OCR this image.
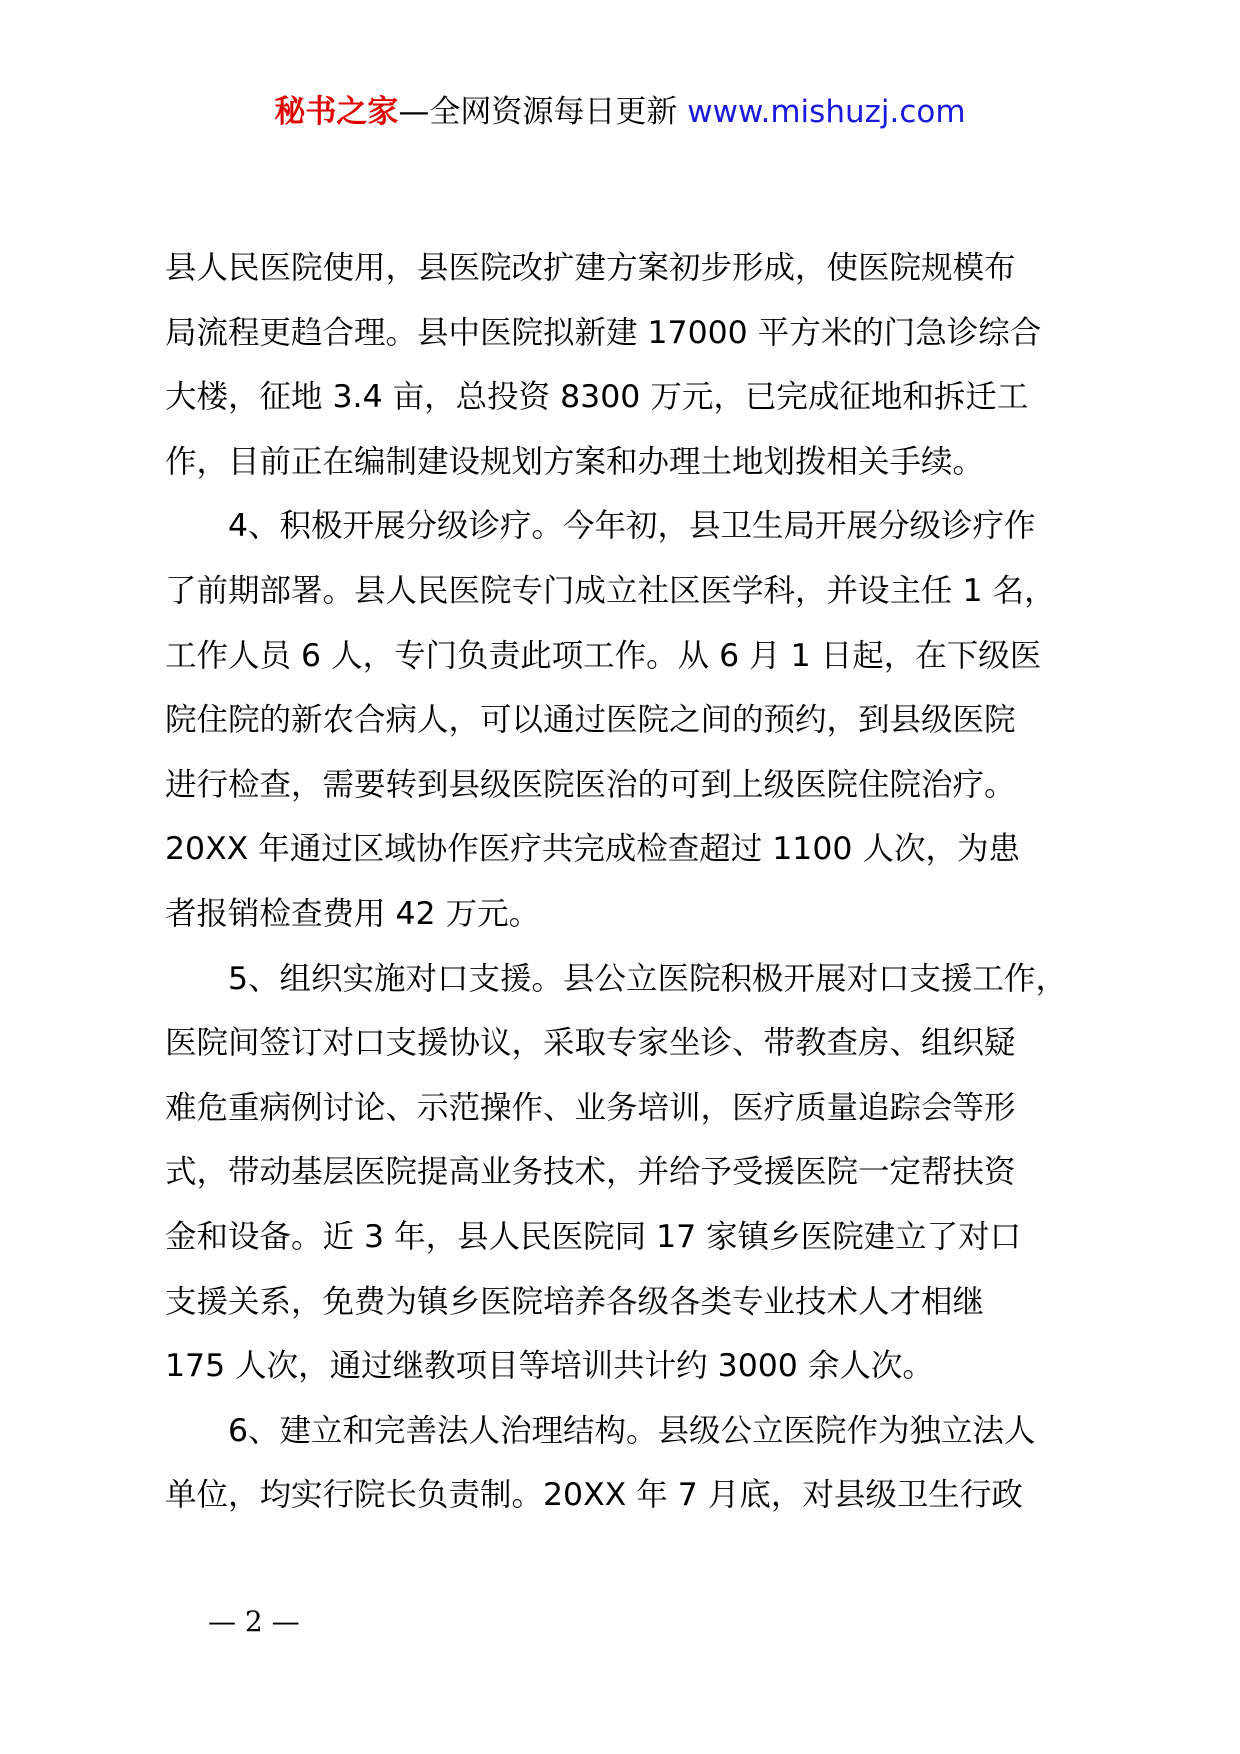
秘书之家—全网资源每日更新 www.mishuzj.com
县人民医院使用，县医院改扩建方案初步形成，使医院规模布
局流程更趋合理。县中医院拟新建 17000 平方米的门急诊综合
大楼，征地 3.4 亩，总投资 8300 万元，已完成征地和拆迁工
作，目前正在编制建设规划方案和办理土地划拨相关手续。
　　4、积极开展分级诊疗。今年初，县卫生局开展分级诊疗作
了前期部署。县人民医院专门成立社区医学科，并设主任 1 名，
工作人员 6 人，专门负责此项工作。从 6 月 1 日起，在下级医
院住院的新农合病人，可以通过医院之间的预约，到县级医院
进行检查，需要转到县级医院医治的可到上级医院住院治疗。
20XX 年通过区域协作医疗共完成检查超过 1100 人次，为患
者报销检查费用 42 万元。
　　5、组织实施对口支援。县公立医院积极开展对口支援工作，
医院间签订对口支援协议，采取专家坐诊、带教查房、组织疑
难危重病例讨论、示范操作、业务培训，医疗质量追踪会等形
式，带动基层医院提高业务技术，并给予受援医院一定帮扶资
金和设备。近 3 年，县人民医院同 17 家镇乡医院建立了对口
支援关系，免费为镇乡医院培养各级各类专业技术人才相继
175 人次，通过继教项目等培训共计约 3000 余人次。
　　6、建立和完善法人治理结构。县级公立医院作为独立法人
单位，均实行院长负责制。20XX 年 7 月底，对县级卫生行政
— 2 —
